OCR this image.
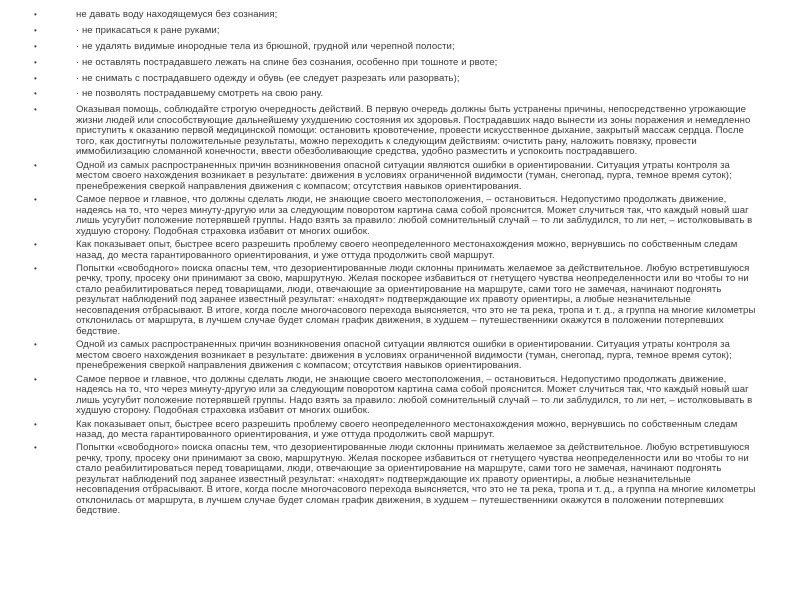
•	не давать воду находящемуся без сознания;
•	· не прикасаться к ране руками;
•	· не удалять видимые инородные тела из брюшной, грудной или черепной полости;
•	· не оставлять пострадавшего лежать на спине без сознания, особенно при тошноте и рвоте;
•	· не снимать с пострадавшего одежду и обувь (ее следует разрезать или разорвать);
•	· не позволять пострадавшему смотреть на свою рану.
•	Оказывая помощь, соблюдайте строгую очередность действий. В первую очередь должны быть устранены причины, непосредственно угрожающие жизни людей или способствующие дальнейшему ухудшению состояния их здоровья. Пострадавших надо вынести из зоны поражения и немедленно приступить к оказанию первой медицинской помощи: остановить кровотечение, провести искусственное дыхание, закрытый массаж сердца. После того, как достигнуты положительные результаты, можно переходить к следующим действиям: очистить рану, наложить повязку, провести иммобилизацию сломанной конечности, ввести обезболивающие средства, удобно разместить и успокоить пострадавшего.
•	Одной из самых распространенных причин возникновения опасной ситуации являются ошибки в ориентировании. Ситуация утраты контроля за местом своего нахождения возникает в результате: движения в условиях ограниченной видимости (туман, снегопад, пурга, темное время суток); пренебрежения сверкой направления движения с компасом; отсутствия навыков ориентирования.
•	Самое первое и главное, что должны сделать люди, не знающие своего местоположения, – остановиться. Недопустимо продолжать движение, надеясь на то, что через минуту-другую или за следующим поворотом картина сама собой прояснится. Может случиться так, что каждый новый шаг лишь усугубит положение потерявшей группы. Надо взять за правило: любой сомнительный случай – то ли заблудился, то ли нет, – истолковывать в худшую сторону. Подобная страховка избавит от многих ошибок.
•	Как показывает опыт, быстрее всего разрешить проблему своего неопределенного местонахождения можно, вернувшись по собственным следам назад, до места гарантированного ориентирования, и уже оттуда продолжить свой маршрут.
•	Попытки «свободного» поиска опасны тем, что дезориентированные люди склонны принимать желаемое за действительное. Любую встретившуюся речку, тропу, просеку они принимают за свою, маршрутную. Желая поскорее избавиться от гнетущего чувства неопределенности или во чтобы то ни стало реабилитироваться перед товарищами, люди, отвечающие за ориентирование на маршруте, сами того не замечая, начинают подгонять результат наблюдений под заранее известный результат: «находят» подтверждающие их правоту ориентиры, а любые незначительные несовпадения отбрасывают. В итоге, когда после многочасового перехода выясняется, что это не та река, тропа и т. д., а группа на многие километры отклонилась от маршрута, в лучшем случае будет сломан график движения, в худшем – путешественники окажутся в положении потерпевших бедствие.
•	Одной из самых распространенных причин возникновения опасной ситуации являются ошибки в ориентировании. Ситуация утраты контроля за местом своего нахождения возникает в результате: движения в условиях ограниченной видимости (туман, снегопад, пурга, темное время суток); пренебрежения сверкой направления движения с компасом; отсутствия навыков ориентирования.
•	Самое первое и главное, что должны сделать люди, не знающие своего местоположения, – остановиться. Недопустимо продолжать движение, надеясь на то, что через минуту-другую или за следующим поворотом картина сама собой прояснится. Может случиться так, что каждый новый шаг лишь усугубит положение потерявшей группы. Надо взять за правило: любой сомнительный случай – то ли заблудился, то ли нет, – истолковывать в худшую сторону. Подобная страховка избавит от многих ошибок.
•	Как показывает опыт, быстрее всего разрешить проблему своего неопределенного местонахождения можно, вернувшись по собственным следам назад, до места гарантированного ориентирования, и уже оттуда продолжить свой маршрут.
•	Попытки «свободного» поиска опасны тем, что дезориентированные люди склонны принимать желаемое за действительное. Любую встретившуюся речку, тропу, просеку они принимают за свою, маршрутную. Желая поскорее избавиться от гнетущего чувства неопределенности или во чтобы то ни стало реабилитироваться перед товарищами, люди, отвечающие за ориентирование на маршруте, сами того не замечая, начинают подгонять результат наблюдений под заранее известный результат: «находят» подтверждающие их правоту ориентиры, а любые незначительные несовпадения отбрасывают. В итоге, когда после многочасового перехода выясняется, что это не та река, тропа и т. д., а группа на многие километры отклонилась от маршрута, в лучшем случае будет сломан график движения, в худшем – путешественники окажутся в положении потерпевших бедствие.
